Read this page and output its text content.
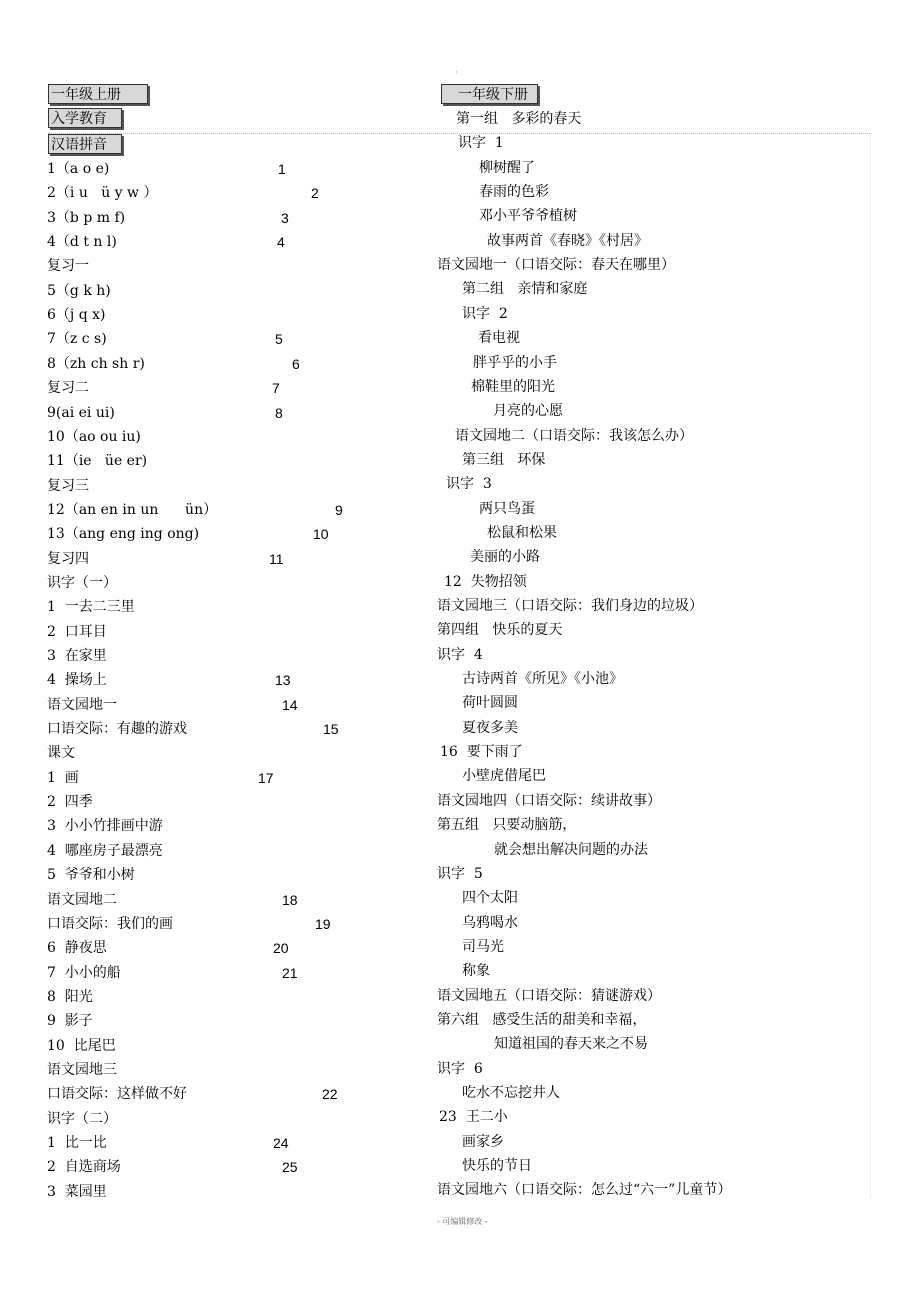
·
一年级上册	一年级下册
入学教育
汉语拼音
1（a o e)	1
2（i u   ü y w ）	2
3（b p m f)	3
4（d t n l)	4
复习一
5（g k h)
6（j q x)
7（z c s)	5
8（zh ch sh r)	6
复习二	7
9(ai ei ui)	8
10（ao ou iu)
11（ie   üe er)
复习三
12（an en in un      ün）	9
13（ang eng ing ong)	10
复习四	11
识字（一）
1  一去二三里
2  口耳目
3  在家里
4  操场上	13
语文园地一	14
口语交际：有趣的游戏	15
课文
1  画	17
2  四季
3  小小竹排画中游
4  哪座房子最漂亮
5  爷爷和小树
语文园地二	18
口语交际：我们的画	19
6  静夜思	20
7  小小的船	21
8  阳光
9  影子
10  比尾巴
语文园地三
口语交际：这样做不好	22
识字（二）
1  比一比	24
2  自选商场	25
3  菜园里
第一组   多彩的春天
识字  1
柳树醒了
春雨的色彩
邓小平爷爷植树
故事两首《春晓》《村居》
语文园地一（口语交际：春天在哪里）
第二组   亲情和家庭
识字  2
看电视
胖乎乎的小手
棉鞋里的阳光
月亮的心愿
语文园地二（口语交际：我该怎么办）
第三组   环保
识字  3
两只鸟蛋
松鼠和松果
美丽的小路
12  失物招领
语文园地三（口语交际：我们身边的垃圾）
第四组   快乐的夏天
识字  4
古诗两首《所见》《小池》
荷叶圆圆
夏夜多美
16  要下雨了
小壁虎借尾巴
语文园地四（口语交际：续讲故事）
第五组   只要动脑筋，
就会想出解决问题的办法
识字  5
四个太阳
乌鸦喝水
司马光
称象
语文园地五（口语交际：猜谜游戏）
第六组   感受生活的甜美和幸福，
知道祖国的春天来之不易
识字  6
吃水不忘挖井人
23  王二小
画家乡
快乐的节日
语文园地六（口语交际：怎么过“六一”儿童节）
- 可编辑修改 -
